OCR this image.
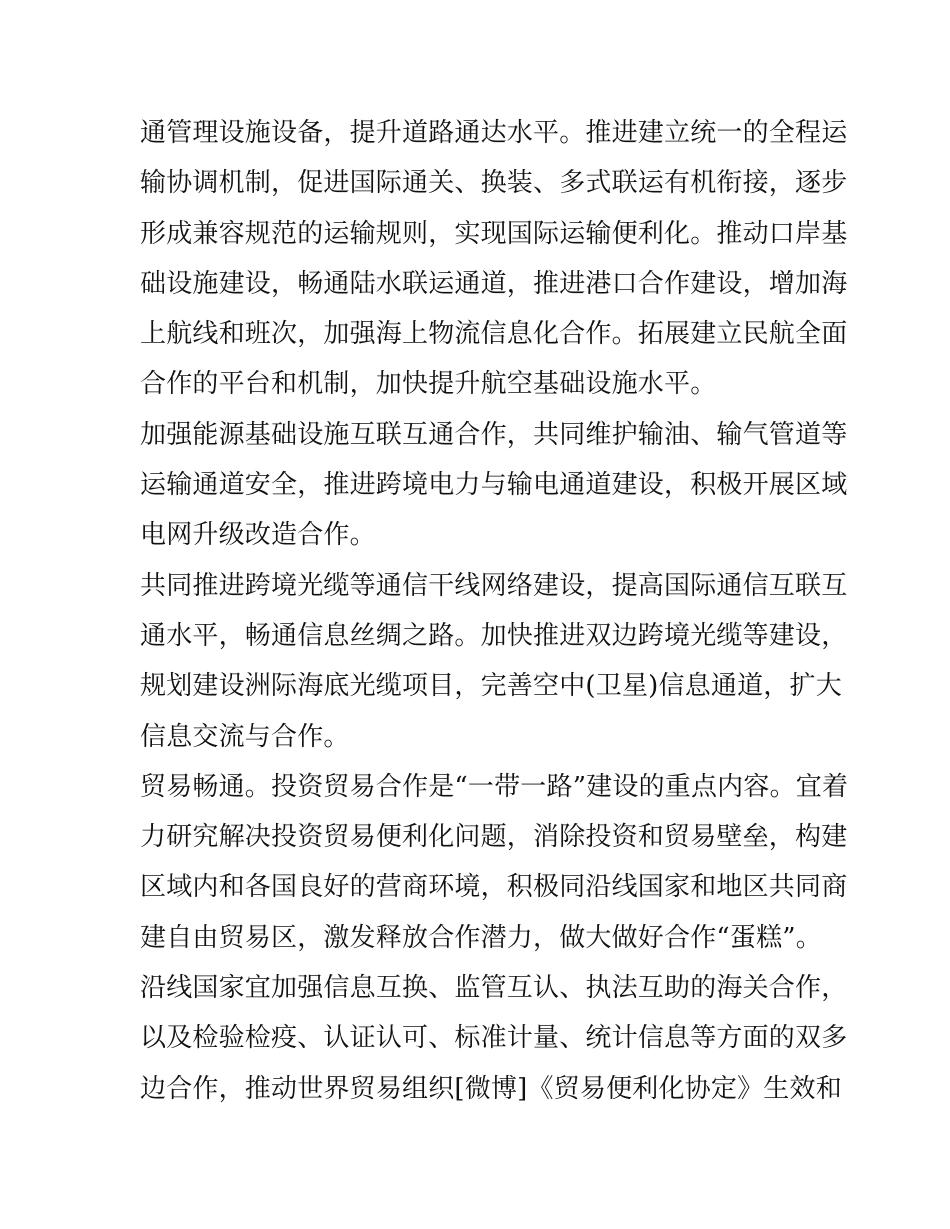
通管理设施设备，提升道路通达水平。推进建立统一的全程运
输协调机制，促进国际通关、换装、多式联运有机衔接，逐步
形成兼容规范的运输规则，实现国际运输便利化。推动口岸基
础设施建设，畅通陆水联运通道，推进港口合作建设，增加海
上航线和班次，加强海上物流信息化合作。拓展建立民航全面
合作的平台和机制，加快提升航空基础设施水平。
加强能源基础设施互联互通合作，共同维护输油、输气管道等
运输通道安全，推进跨境电力与输电通道建设，积极开展区域
电网升级改造合作。
共同推进跨境光缆等通信干线网络建设，提高国际通信互联互
通水平，畅通信息丝绸之路。加快推进双边跨境光缆等建设，
规划建设洲际海底光缆项目，完善空中(卫星)信息通道，扩大
信息交流与合作。
贸易畅通。投资贸易合作是“一带一路”建设的重点内容。宜着
力研究解决投资贸易便利化问题，消除投资和贸易壁垒，构建
区域内和各国良好的营商环境，积极同沿线国家和地区共同商
建自由贸易区，激发释放合作潜力，做大做好合作“蛋糕”。
沿线国家宜加强信息互换、监管互认、执法互助的海关合作，
以及检验检疫、认证认可、标准计量、统计信息等方面的双多
边合作，推动世界贸易组织[微博]《贸易便利化协定》生效和
